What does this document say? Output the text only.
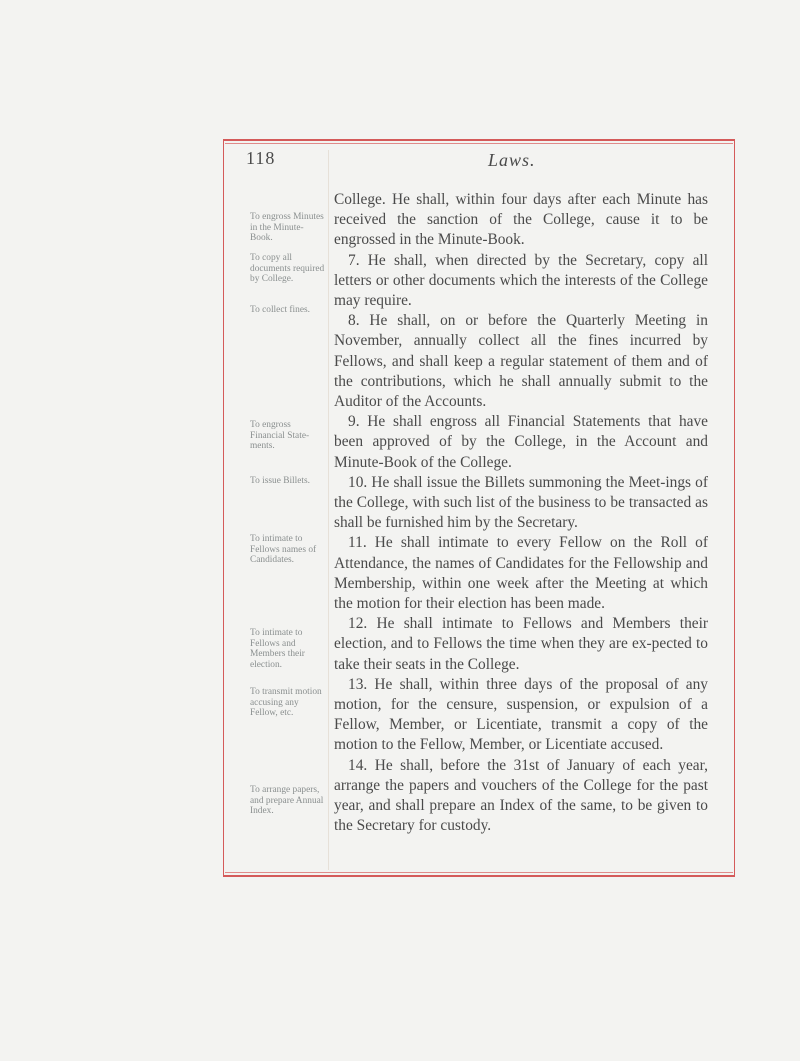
118	Laws.
To engross Minutes in the Minute-Book.
To copy all documents required by College.
To collect fines.
To engross Financial State-ments.
To issue Billets.
To intimate to Fellows names of Candidates.
To intimate to Fellows and Members their election.
To transmit motion accusing any Fellow, etc.
To arrange papers, and prepare Annual Index.

College. He shall, within four days after each Minute has received the sanction of the College, cause it to be engrossed in the Minute-Book.

7. He shall, when directed by the Secretary, copy all letters or other documents which the interests of the College may require.

8. He shall, on or before the Quarterly Meeting in November, annually collect all the fines incurred by Fellows, and shall keep a regular statement of them and of the contributions, which he shall annually submit to the Auditor of the Accounts.

9. He shall engross all Financial Statements that have been approved of by the College, in the Account and Minute-Book of the College.

10. He shall issue the Billets summoning the Meet-ings of the College, with such list of the business to be transacted as shall be furnished him by the Secretary.

11. He shall intimate to every Fellow on the Roll of Attendance, the names of Candidates for the Fellowship and Membership, within one week after the Meeting at which the motion for their election has been made.

12. He shall intimate to Fellows and Members their election, and to Fellows the time when they are ex-pected to take their seats in the College.

13. He shall, within three days of the proposal of any motion, for the censure, suspension, or expulsion of a Fellow, Member, or Licentiate, transmit a copy of the motion to the Fellow, Member, or Licentiate accused.

14. He shall, before the 31st of January of each year, arrange the papers and vouchers of the College for the past year, and shall prepare an Index of the same, to be given to the Secretary for custody.
